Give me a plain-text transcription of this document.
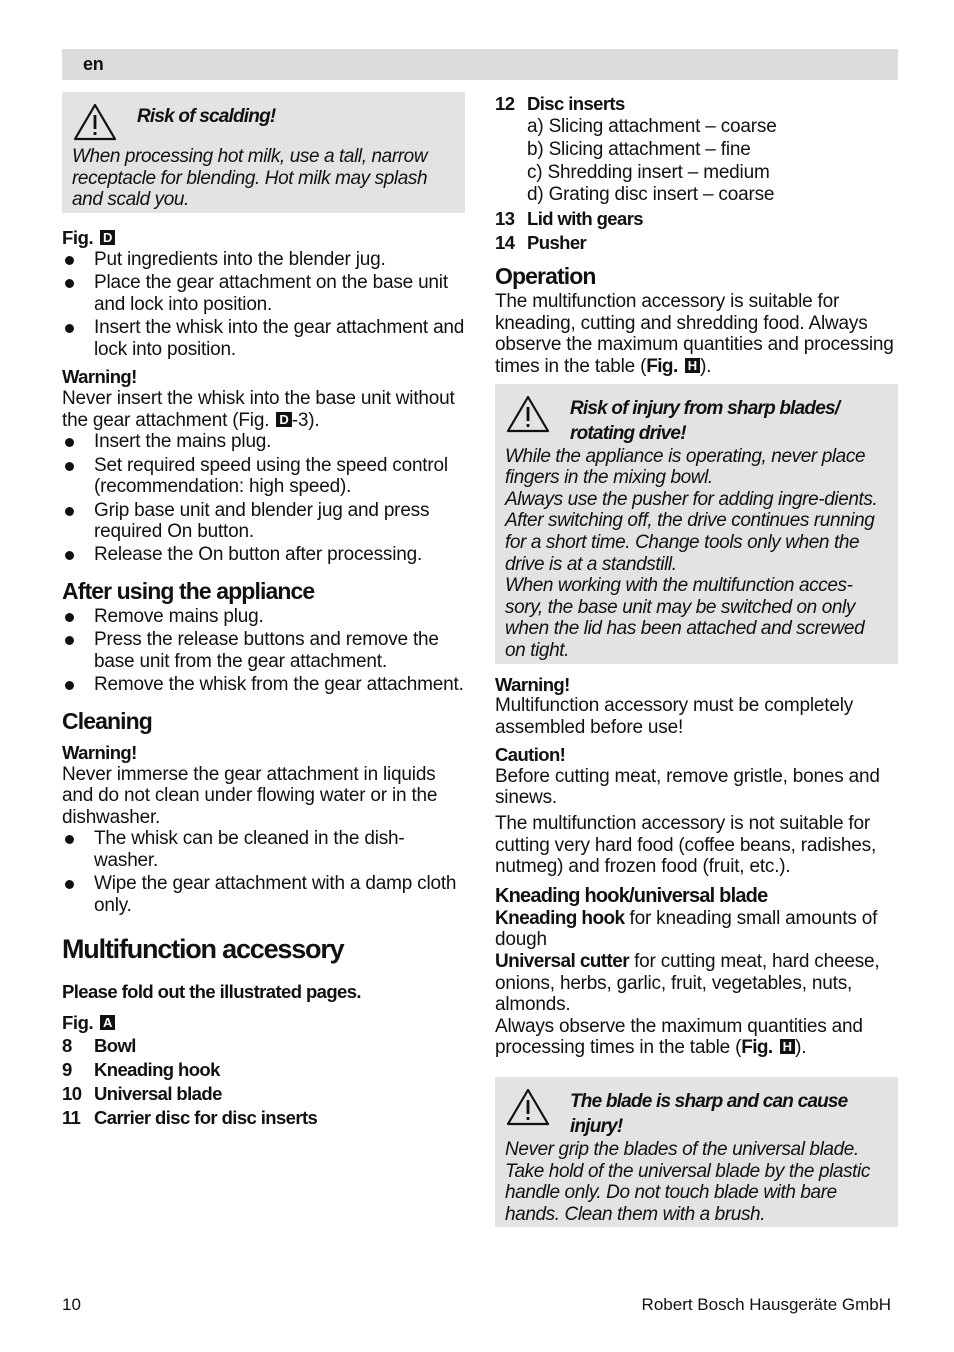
en
Risk of scalding!
When processing hot milk, use a tall, narrow receptacle for blending. Hot milk may splash and scald you.
Fig. D
Put ingredients into the blender jug.
Place the gear attachment on the base unit and lock into position.
Insert the whisk into the gear attachment and lock into position.
Warning!
Never insert the whisk into the base unit without the gear attachment (Fig. D -3).
Insert the mains plug.
Set required speed using the speed control (recommendation: high speed).
Grip base unit and blender jug and press required On button.
Release the On button after processing.
After using the appliance
Remove mains plug.
Press the release buttons and remove the base unit from the gear attachment.
Remove the whisk from the gear attachment.
Cleaning
Warning!
Never immerse the gear attachment in liquids and do not clean under flowing water or in the dishwasher.
The whisk can be cleaned in the dish-washer.
Wipe the gear attachment with a damp cloth only.
Multifunction accessory
Please fold out the illustrated pages.
Fig. A
8	Bowl
9	Kneading hook
10 Universal blade
11 Carrier disc for disc inserts
12 Disc inserts
a) Slicing attachment – coarse
b) Slicing attachment – fine
c) Shredding insert – medium
d) Grating disc insert – coarse
13 Lid with gears
14 Pusher
Operation
The multifunction accessory is suitable for kneading, cutting and shredding food. Always observe the maximum quantities and processing times in the table (Fig. H ).
Risk of injury from sharp blades/ rotating drive!
While the appliance is operating, never place fingers in the mixing bowl.
Always use the pusher for adding ingre-dients. After switching off, the drive continues running for a short time. Change tools only when the drive is at a standstill.
When working with the multifunction acces-sory, the base unit may be switched on only when the lid has been attached and screwed on tight.
Warning!
Multifunction accessory must be completely assembled before use!
Caution!
Before cutting meat, remove gristle, bones and sinews.
The multifunction accessory is not suitable for cutting very hard food (coffee beans, radishes, nutmeg) and frozen food (fruit, etc.).
Kneading hook/universal blade
Kneading hook for kneading small amounts of dough
Universal cutter for cutting meat, hard cheese, onions, herbs, garlic, fruit, vegetables, nuts, almonds.
Always observe the maximum quantities and processing times in the table (Fig. H ).
The blade is sharp and can cause injury!
Never grip the blades of the universal blade. Take hold of the universal blade by the plastic handle only. Do not touch blade with bare hands. Clean them with a brush.
10	Robert Bosch Hausgeräte GmbH
